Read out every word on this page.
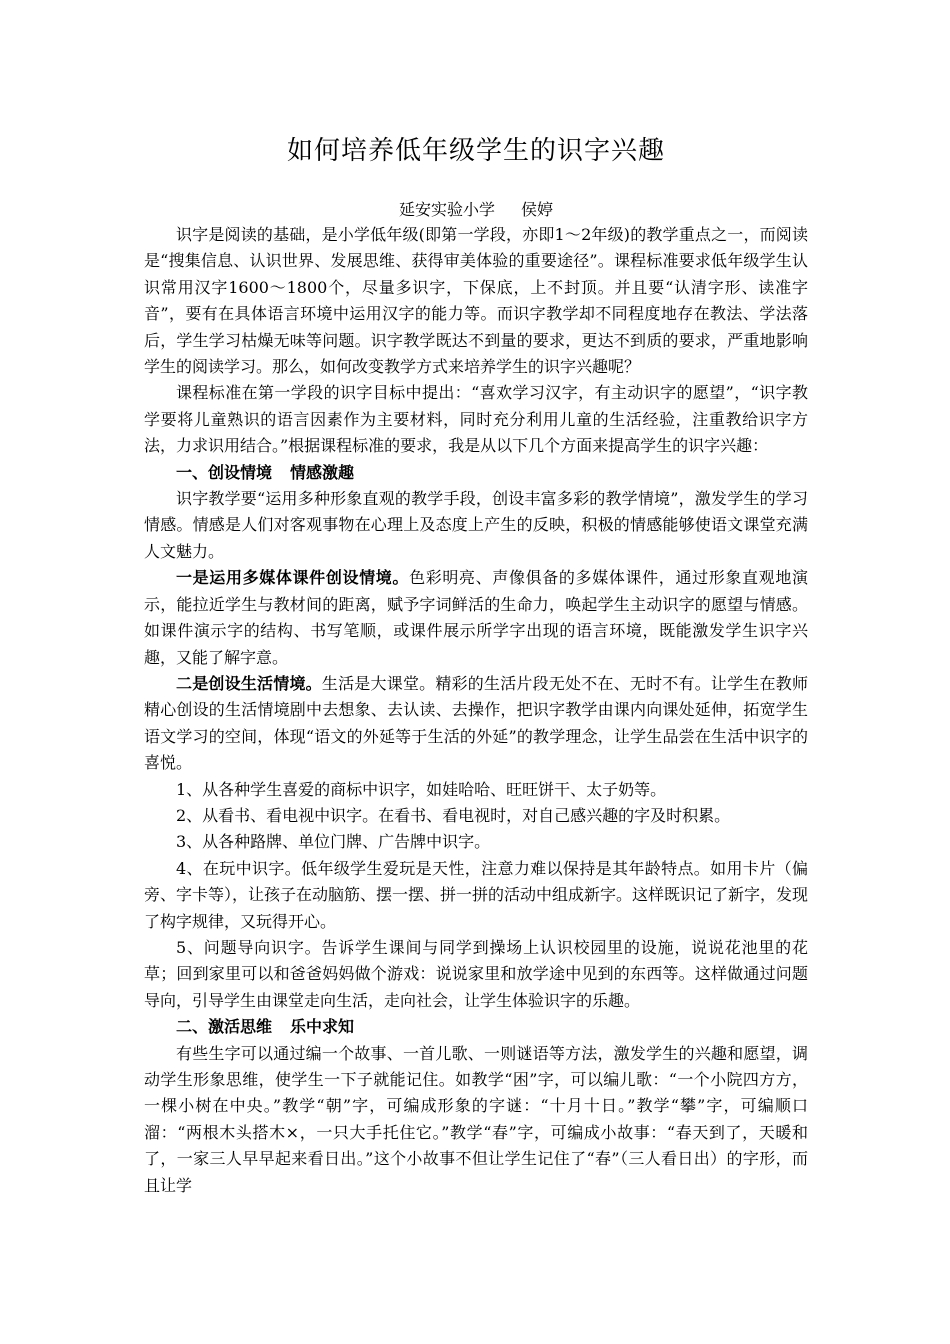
如何培养低年级学生的识字兴趣

延安实验小学 侯婷

识字是阅读的基础，是小学低年级(即第一学段，亦即1～2年级)的教学重点之一，而阅读是“搜集信息、认识世界、发展思维、获得审美体验的重要途径”。课程标准要求低年级学生认识常用汉字1600～1800个，尽量多识字，下保底，上不封顶。并且要“认清字形、读准字音”，要有在具体语言环境中运用汉字的能力等。而识字教学却不同程度地存在教法、学法落后，学生学习枯燥无味等问题。识字教学既达不到量的要求，更达不到质的要求，严重地影响学生的阅读学习。那么，如何改变教学方式来培养学生的识字兴趣呢？

课程标准在第一学段的识字目标中提出：“喜欢学习汉字，有主动识字的愿望”，“识字教学要将儿童熟识的语言因素作为主要材料，同时充分利用儿童的生活经验，注重教给识字方法，力求识用结合。”根据课程标准的要求，我是从以下几个方面来提高学生的识字兴趣：

一、创设情境 情感激趣

识字教学要“运用多种形象直观的教学手段，创设丰富多彩的教学情境”，激发学生的学习情感。情感是人们对客观事物在心理上及态度上产生的反映，积极的情感能够使语文课堂充满人文魅力。

一是运用多媒体课件创设情境。色彩明亮、声像俱备的多媒体课件，通过形象直观地演示，能拉近学生与教材间的距离，赋予字词鲜活的生命力，唤起学生主动识字的愿望与情感。如课件演示字的结构、书写笔顺，或课件展示所学字出现的语言环境，既能激发学生识字兴趣，又能了解字意。

二是创设生活情境。生活是大课堂。精彩的生活片段无处不在、无时不有。让学生在教师精心创设的生活情境剧中去想象、去认读、去操作，把识字教学由课内向课处延伸，拓宽学生语文学习的空间，体现“语文的外延等于生活的外延”的教学理念，让学生品尝在生活中识字的喜悦。

1、从各种学生喜爱的商标中识字，如娃哈哈、旺旺饼干、太子奶等。

2、从看书、看电视中识字。在看书、看电视时，对自己感兴趣的字及时积累。

3、从各种路牌、单位门牌、广告牌中识字。

4、在玩中识字。低年级学生爱玩是天性，注意力难以保持是其年龄特点。如用卡片（偏旁、字卡等），让孩子在动脑筋、摆一摆、拼一拼的活动中组成新字。这样既识记了新字，发现了构字规律，又玩得开心。

5、问题导向识字。告诉学生课间与同学到操场上认识校园里的设施，说说花池里的花草；回到家里可以和爸爸妈妈做个游戏：说说家里和放学途中见到的东西等。这样做通过问题导向，引导学生由课堂走向生活，走向社会，让学生体验识字的乐趣。

二、激活思维 乐中求知

有些生字可以通过编一个故事、一首儿歌、一则谜语等方法，激发学生的兴趣和愿望，调动学生形象思维，使学生一下子就能记住。如教学“困”字，可以编儿歌：“一个小院四方方，一棵小树在中央。”教学“朝”字，可编成形象的字谜：“十月十日。”教学“攀”字，可编顺口溜：“两根木头搭木×，一只大手托住它。”教学“春”字，可编成小故事：“春天到了，天暖和了，一家三人早早起来看日出。”这个小故事不但让学生记住了“春”（三人看日出）的字形，而且让学
